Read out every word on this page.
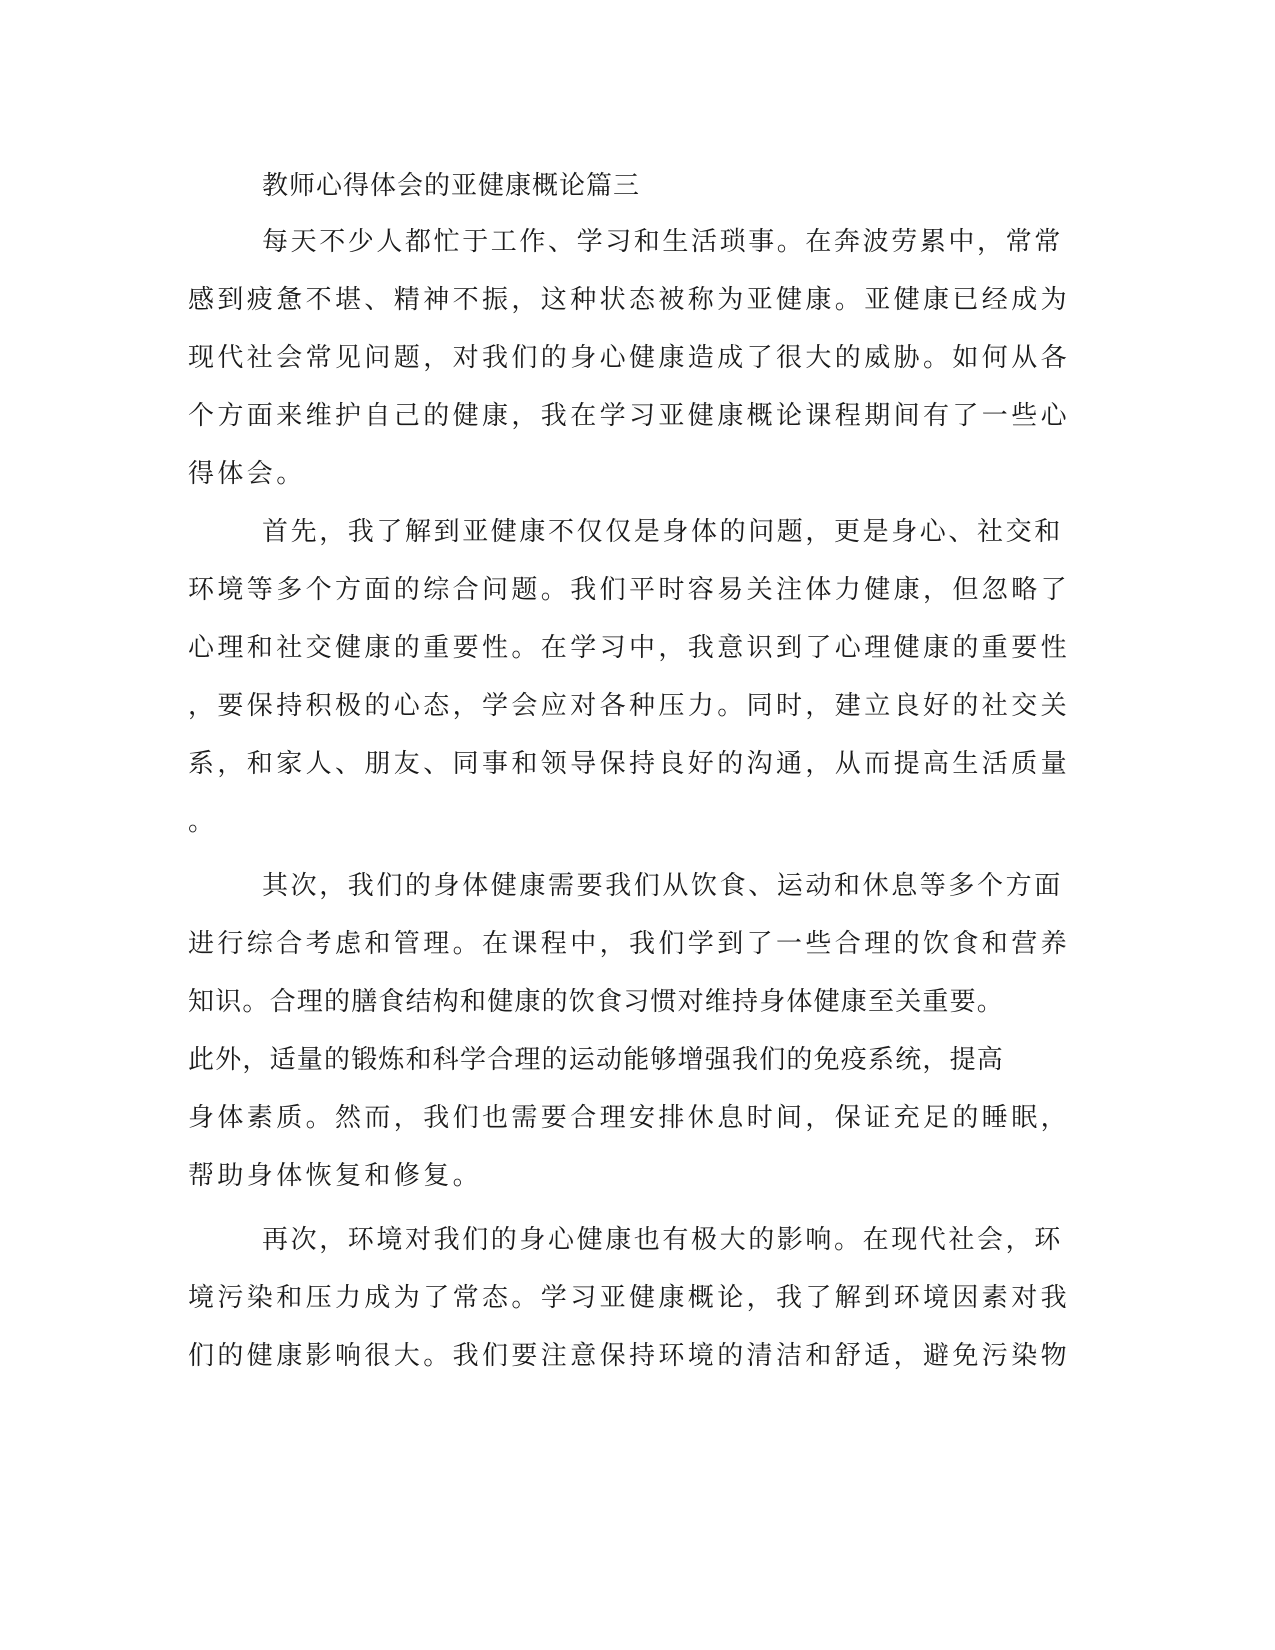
教师心得体会的亚健康概论篇三
每天不少人都忙于工作、学习和生活琐事。在奔波劳累中，常常
感到疲惫不堪、精神不振，这种状态被称为亚健康。亚健康已经成为
现代社会常见问题，对我们的身心健康造成了很大的威胁。如何从各
个方面来维护自己的健康，我在学习亚健康概论课程期间有了一些心
得体会。
首先，我了解到亚健康不仅仅是身体的问题，更是身心、社交和
环境等多个方面的综合问题。我们平时容易关注体力健康，但忽略了
心理和社交健康的重要性。在学习中，我意识到了心理健康的重要性
，要保持积极的心态，学会应对各种压力。同时，建立良好的社交关
系，和家人、朋友、同事和领导保持良好的沟通，从而提高生活质量
。
其次，我们的身体健康需要我们从饮食、运动和休息等多个方面
进行综合考虑和管理。在课程中，我们学到了一些合理的饮食和营养
知识。合理的膳食结构和健康的饮食习惯对维持身体健康至关重要。
此外，适量的锻炼和科学合理的运动能够增强我们的免疫系统，提高
身体素质。然而，我们也需要合理安排休息时间，保证充足的睡眠，
帮助身体恢复和修复。
再次，环境对我们的身心健康也有极大的影响。在现代社会，环
境污染和压力成为了常态。学习亚健康概论，我了解到环境因素对我
们的健康影响很大。我们要注意保持环境的清洁和舒适，避免污染物
